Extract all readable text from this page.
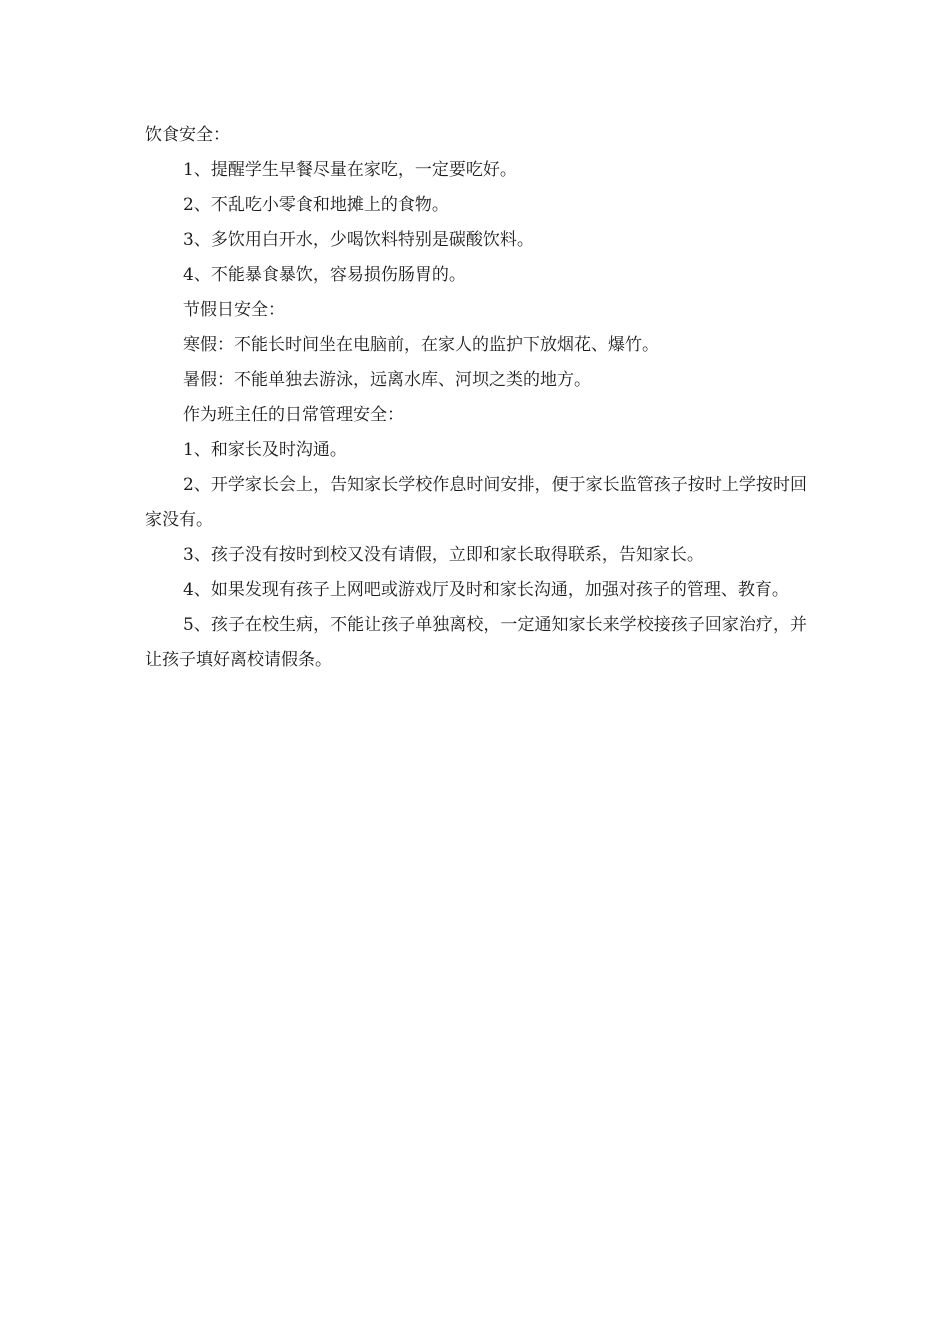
饮食安全：

1、提醒学生早餐尽量在家吃，一定要吃好。

2、不乱吃小零食和地摊上的食物。

3、多饮用白开水，少喝饮料特别是碳酸饮料。

4、不能暴食暴饮，容易损伤肠胃的。

节假日安全：

寒假：不能长时间坐在电脑前，在家人的监护下放烟花、爆竹。

暑假：不能单独去游泳，远离水库、河坝之类的地方。

作为班主任的日常管理安全：

1、和家长及时沟通。

2、开学家长会上，告知家长学校作息时间安排，便于家长监管孩子按时上学按时回家没有。

3、孩子没有按时到校又没有请假，立即和家长取得联系，告知家长。

4、如果发现有孩子上网吧或游戏厅及时和家长沟通，加强对孩子的管理、教育。

5、孩子在校生病，不能让孩子单独离校，一定通知家长来学校接孩子回家治疗，并让孩子填好离校请假条。
